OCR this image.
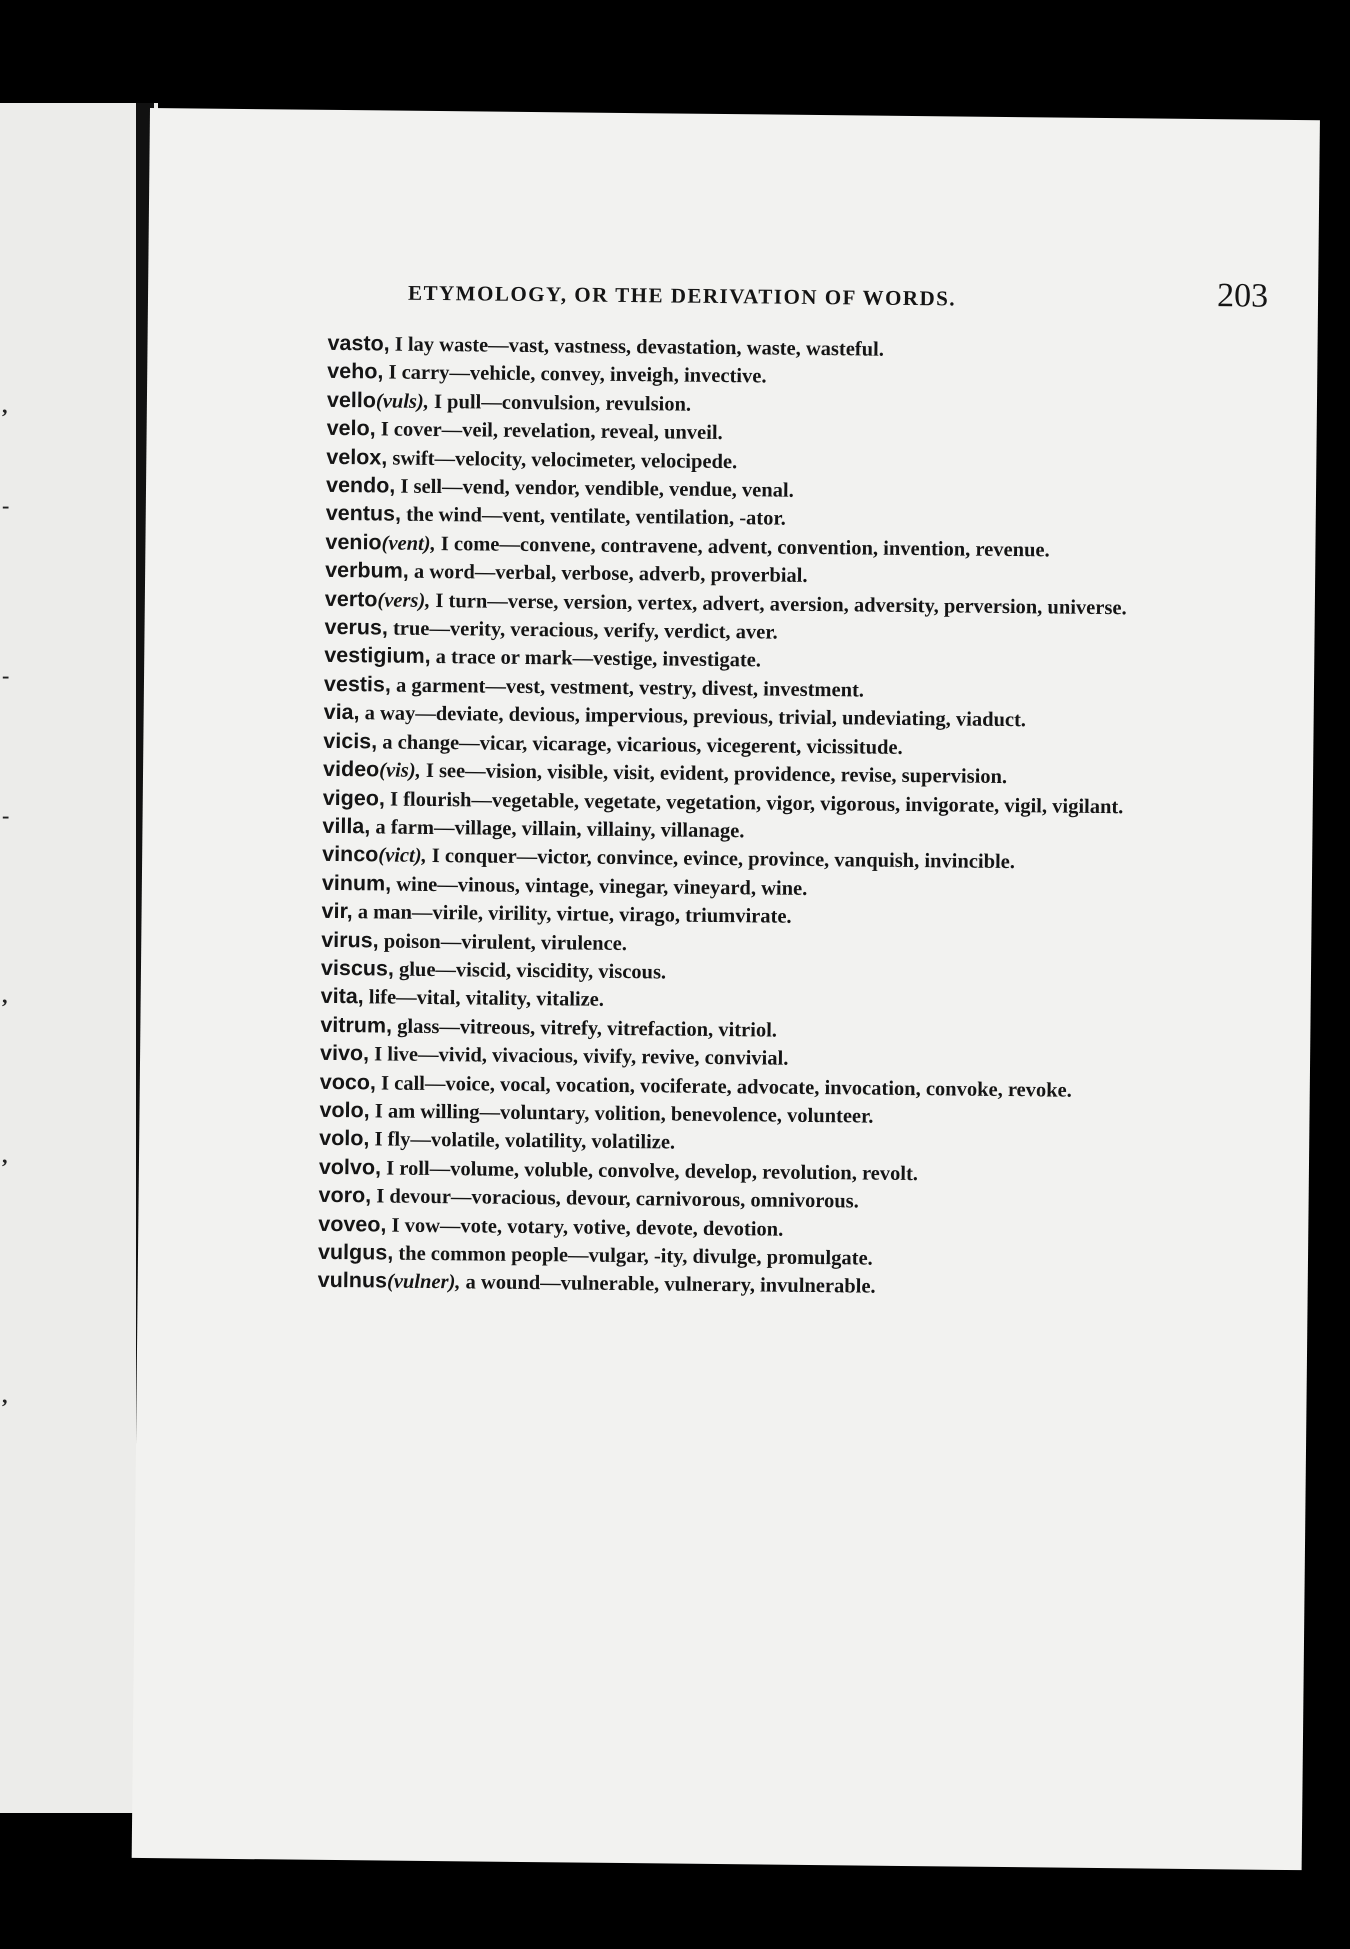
,
-
-
-
,
,
,
ETYMOLOGY, OR THE DERIVATION OF WORDS.	203
vasto, I lay waste—vast, vastness, devastation, waste, wasteful.
veho, I carry—vehicle, convey, inveigh, invective.
vello(vuls), I pull—convulsion, revulsion.
velo, I cover—veil, revelation, reveal, unveil.
velox, swift—velocity, velocimeter, velocipede.
vendo, I sell—vend, vendor, vendible, vendue, venal.
ventus, the wind—vent, ventilate, ventilation, -ator.
venio(vent), I come—convene, contravene, advent, convention, invention, revenue.
verbum, a word—verbal, verbose, adverb, proverbial.
verto(vers), I turn—verse, version, vertex, advert, aversion, adversity, perversion, universe.
verus, true—verity, veracious, verify, verdict, aver.
vestigium, a trace or mark—vestige, investigate.
vestis, a garment—vest, vestment, vestry, divest, investment.
via, a way—deviate, devious, impervious, previous, trivial, undeviating, viaduct.
vicis, a change—vicar, vicarage, vicarious, vicegerent, vicissitude.
video(vis), I see—vision, visible, visit, evident, providence, revise, supervision.
vigeo, I flourish—vegetable, vegetate, vegetation, vigor, vigorous, invigorate, vigil, vigilant.
villa, a farm—village, villain, villainy, villanage.
vinco(vict), I conquer—victor, convince, evince, province, vanquish, invincible.
vinum, wine—vinous, vintage, vinegar, vineyard, wine.
vir, a man—virile, virility, virtue, virago, triumvirate.
virus, poison—virulent, virulence.
viscus, glue—viscid, viscidity, viscous.
vita, life—vital, vitality, vitalize.
vitrum, glass—vitreous, vitrefy, vitrefaction, vitriol.
vivo, I live—vivid, vivacious, vivify, revive, convivial.
voco, I call—voice, vocal, vocation, vociferate, advocate, invocation, convoke, revoke.
volo, I am willing—voluntary, volition, benevolence, volunteer.
volo, I fly—volatile, volatility, volatilize.
volvo, I roll—volume, voluble, convolve, develop, revolution, revolt.
voro, I devour—voracious, devour, carnivorous, omnivorous.
voveo, I vow—vote, votary, votive, devote, devotion.
vulgus, the common people—vulgar, -ity, divulge, promulgate.
vulnus(vulner), a wound—vulnerable, vulnerary, invulnerable.
